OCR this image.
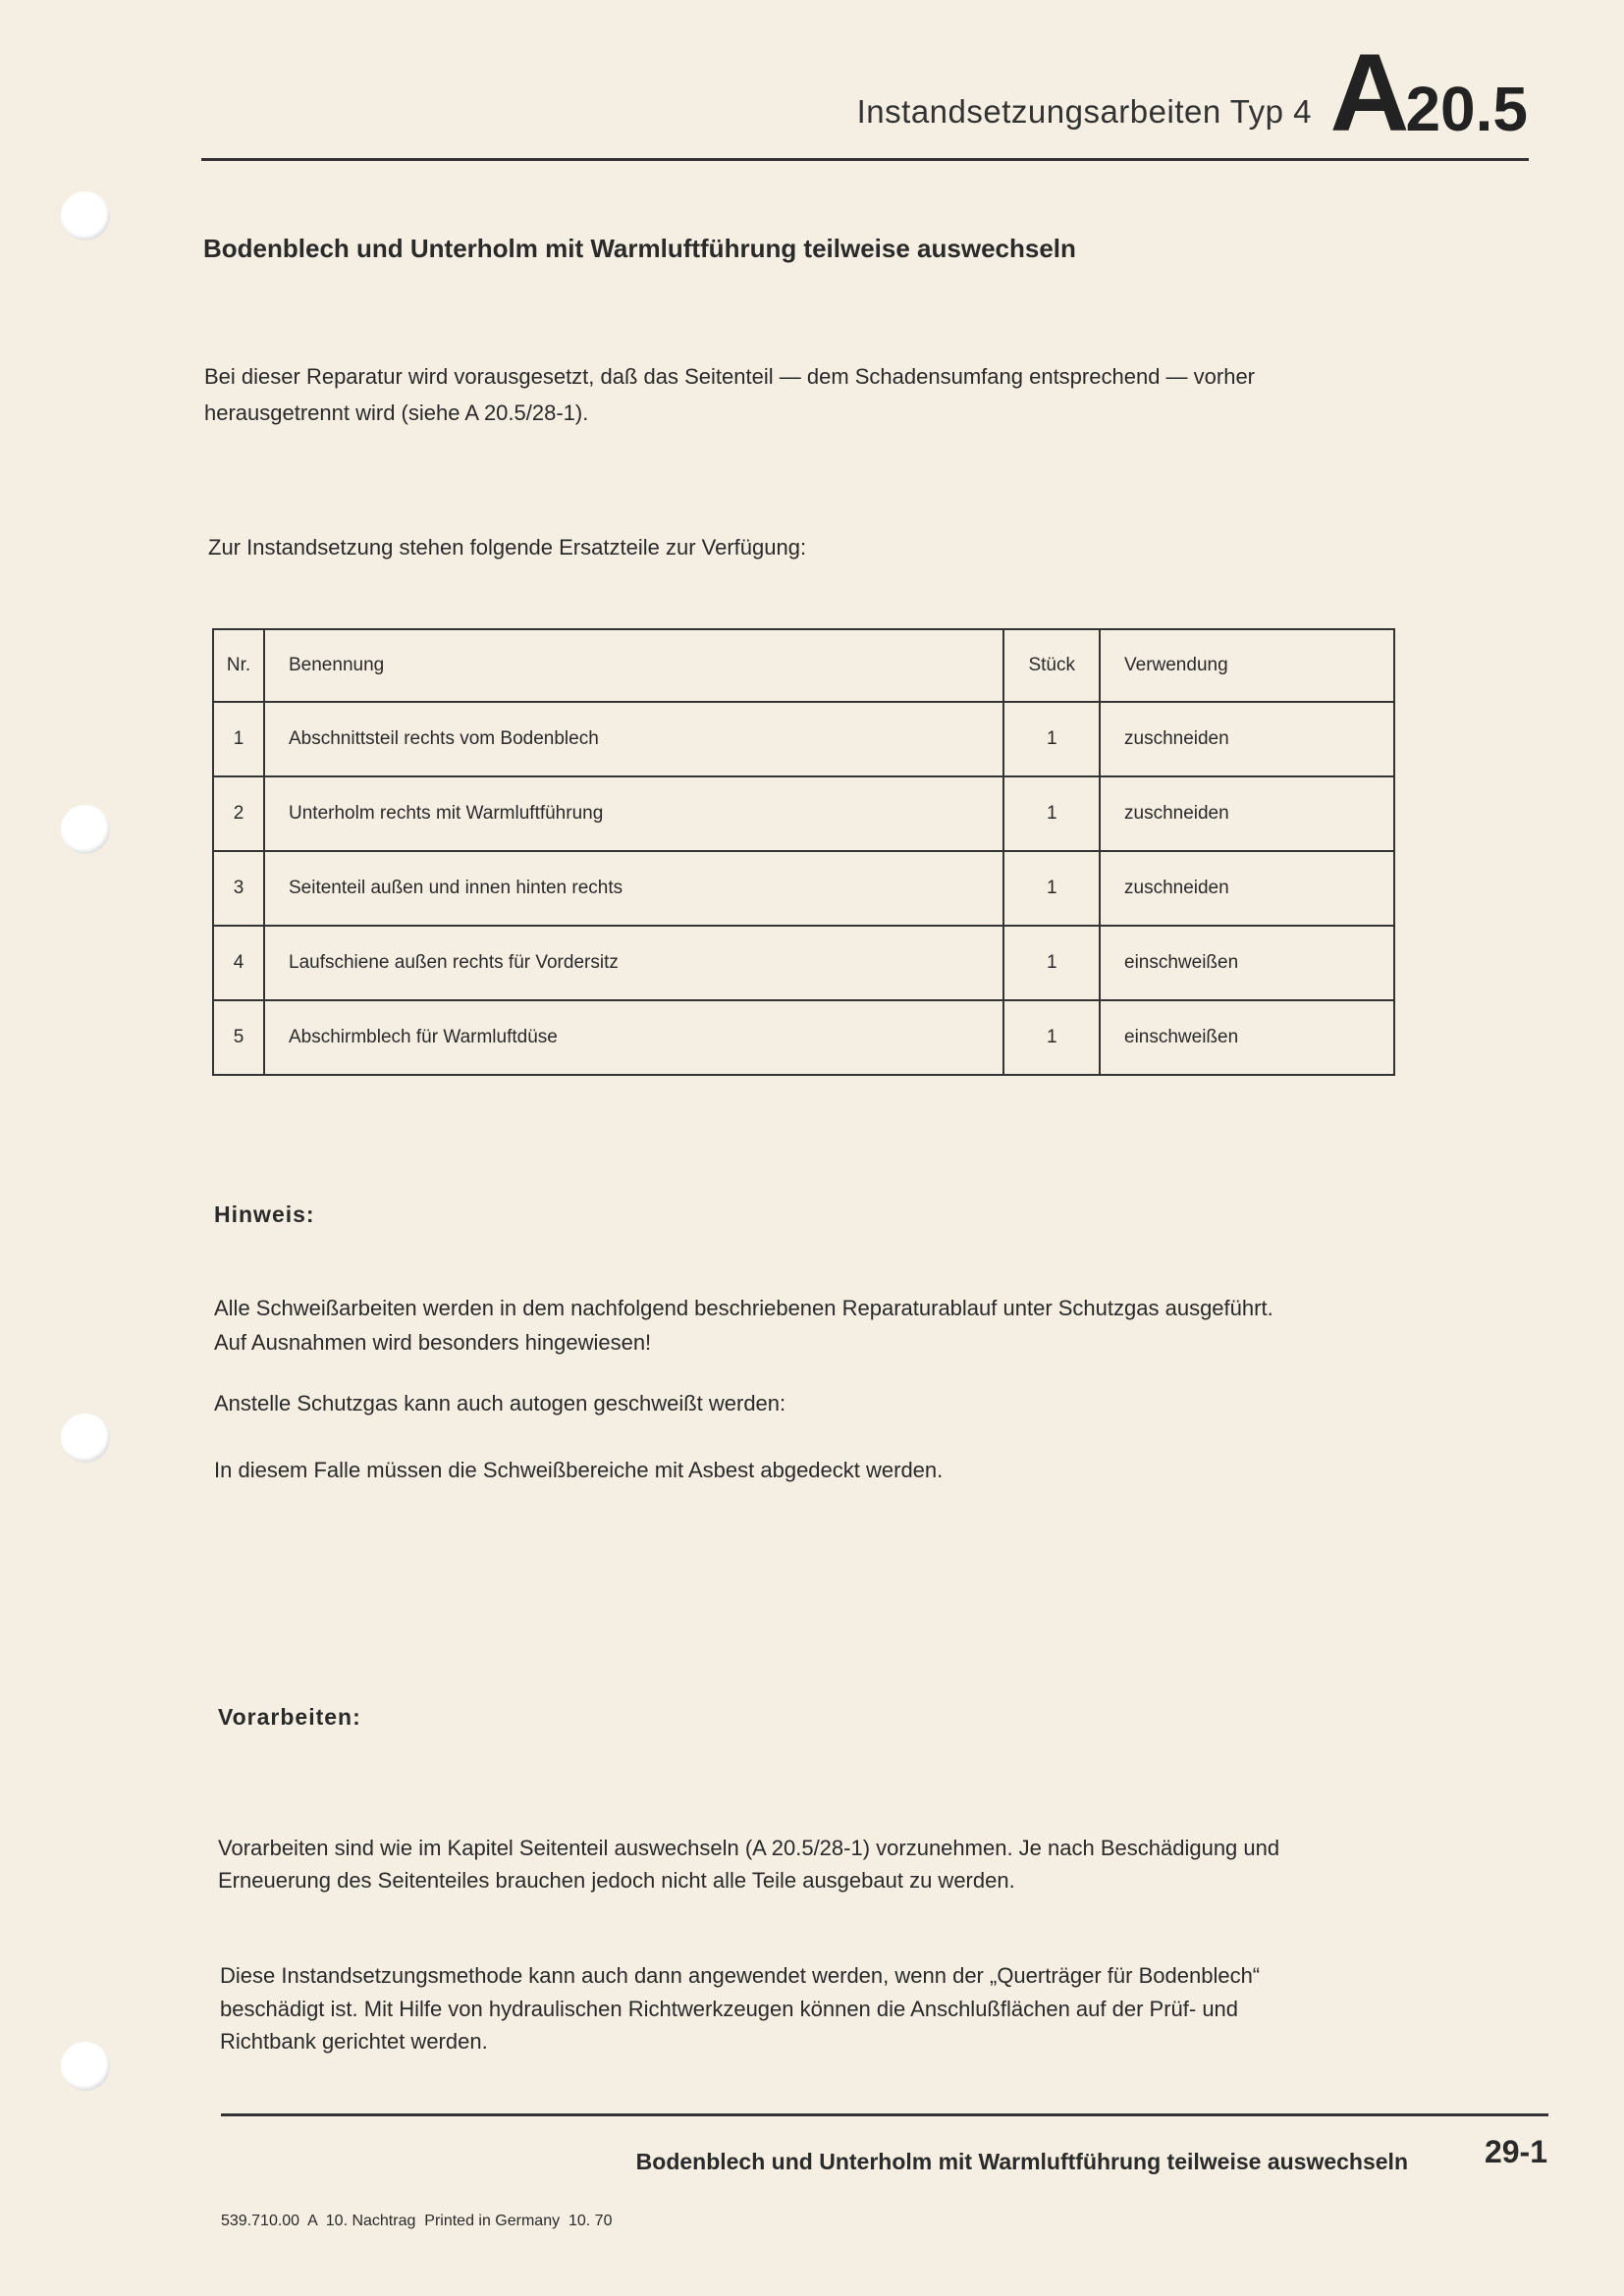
Instandsetzungsarbeiten Typ 4 A20.5
Bodenblech und Unterholm mit Warmluftführung teilweise auswechseln
Bei dieser Reparatur wird vorausgesetzt, daß das Seitenteil — dem Schadensumfang entsprechend — vorher
herausgetrennt wird (siehe A 20.5/28-1).
Zur Instandsetzung stehen folgende Ersatzteile zur Verfügung:
Nr.	Benennung	Stück	Verwendung
1	Abschnittsteil rechts vom Bodenblech	1	zuschneiden
2	Unterholm rechts mit Warmluftführung	1	zuschneiden
3	Seitenteil außen und innen hinten rechts	1	zuschneiden
4	Laufschiene außen rechts für Vordersitz	1	einschweißen
5	Abschirmblech für Warmluftdüse	1	einschweißen
Hinweis:
Alle Schweißarbeiten werden in dem nachfolgend beschriebenen Reparaturablauf unter Schutzgas ausgeführt.
Auf Ausnahmen wird besonders hingewiesen!
Anstelle Schutzgas kann auch autogen geschweißt werden:
In diesem Falle müssen die Schweißbereiche mit Asbest abgedeckt werden.
Vorarbeiten:
Vorarbeiten sind wie im Kapitel Seitenteil auswechseln (A 20.5/28-1) vorzunehmen. Je nach Beschädigung und
Erneuerung des Seitenteiles brauchen jedoch nicht alle Teile ausgebaut zu werden.
Diese Instandsetzungsmethode kann auch dann angewendet werden, wenn der „Querträger für Bodenblech“
beschädigt ist. Mit Hilfe von hydraulischen Richtwerkzeugen können die Anschlußflächen auf der Prüf- und
Richtbank gerichtet werden.
Bodenblech und Unterholm mit Warmluftführung teilweise auswechseln 29-1
539.710.00  A  10. Nachtrag  Printed in Germany  10. 70
